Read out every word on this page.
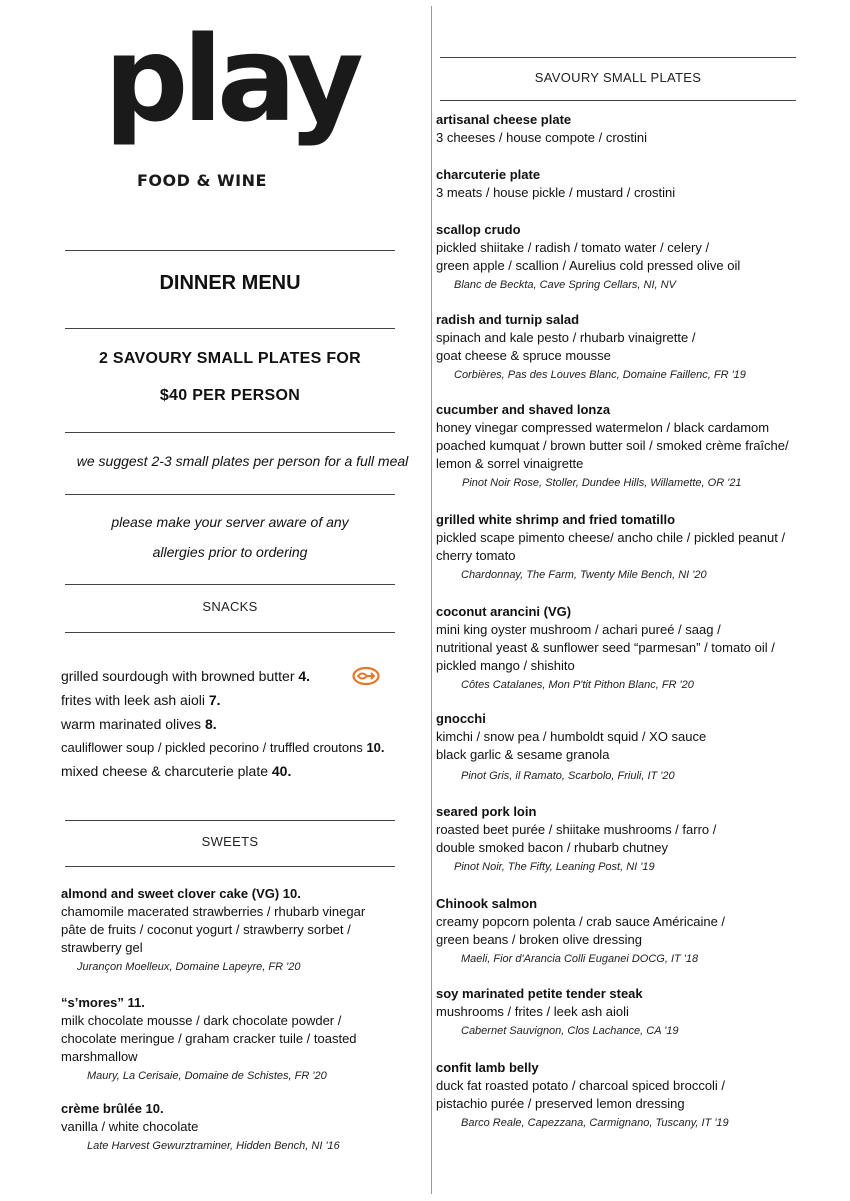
play
FOOD & WINE
DINNER MENU
2 SAVOURY SMALL PLATES FOR
$40 PER PERSON
we suggest 2-3 small plates per person for a full meal
please make your server aware of any
allergies prior to ordering
SNACKS
grilled sourdough with browned butter 4.
frites with leek ash aioli 7.
warm marinated olives 8.
cauliflower soup / pickled pecorino / truffled croutons 10.
mixed cheese & charcuterie plate 40.
SWEETS
almond and sweet clover cake (VG) 10.
chamomile macerated strawberries / rhubarb vinegar
pâte de fruits / coconut yogurt / strawberry sorbet /
strawberry gel
Jurançon Moelleux, Domaine Lapeyre, FR '20
“s’mores” 11.
milk chocolate mousse / dark chocolate powder /
chocolate meringue / graham cracker tuile / toasted
marshmallow
Maury, La Cerisaie, Domaine de Schistes, FR '20
crème brûlée 10.
vanilla / white chocolate
Late Harvest Gewurztraminer, Hidden Bench, NI '16
SAVOURY SMALL PLATES
artisanal cheese plate
3 cheeses / house compote / crostini
charcuterie plate
3 meats / house pickle / mustard / crostini
scallop crudo
pickled shiitake / radish / tomato water / celery /
green apple / scallion / Aurelius cold pressed olive oil
Blanc de Beckta, Cave Spring Cellars, NI, NV
radish and turnip salad
spinach and kale pesto / rhubarb vinaigrette /
goat cheese & spruce mousse
Corbières, Pas des Louves Blanc, Domaine Faillenc, FR '19
cucumber and shaved lonza
honey vinegar compressed watermelon / black cardamom
poached kumquat / brown butter soil / smoked crème fraîche/
lemon & sorrel vinaigrette
Pinot Noir Rose, Stoller, Dundee Hills, Willamette, OR '21
grilled white shrimp and fried tomatillo
pickled scape pimento cheese/ ancho chile / pickled peanut /
cherry tomato
Chardonnay, The Farm, Twenty Mile Bench, NI '20
coconut arancini (VG)
mini king oyster mushroom / achari pureé / saag /
nutritional yeast & sunflower seed “parmesan” / tomato oil /
pickled mango / shishito
Côtes Catalanes, Mon P'tit Pithon Blanc, FR '20
gnocchi
kimchi / snow pea / humboldt squid / XO sauce
black garlic & sesame granola
Pinot Gris, il Ramato, Scarbolo, Friuli, IT '20
seared pork loin
roasted beet purée / shiitake mushrooms / farro /
double smoked bacon / rhubarb chutney
Pinot Noir, The Fifty, Leaning Post, NI '19
Chinook salmon
creamy popcorn polenta / crab sauce Américaine /
green beans / broken olive dressing
Maeli, Fior d'Arancia Colli Euganei DOCG, IT '18
soy marinated petite tender steak
mushrooms / frites / leek ash aioli
Cabernet Sauvignon, Clos Lachance, CA '19
confit lamb belly
duck fat roasted potato / charcoal spiced broccoli /
pistachio purée / preserved lemon dressing
Barco Reale, Capezzana, Carmignano, Tuscany, IT '19
